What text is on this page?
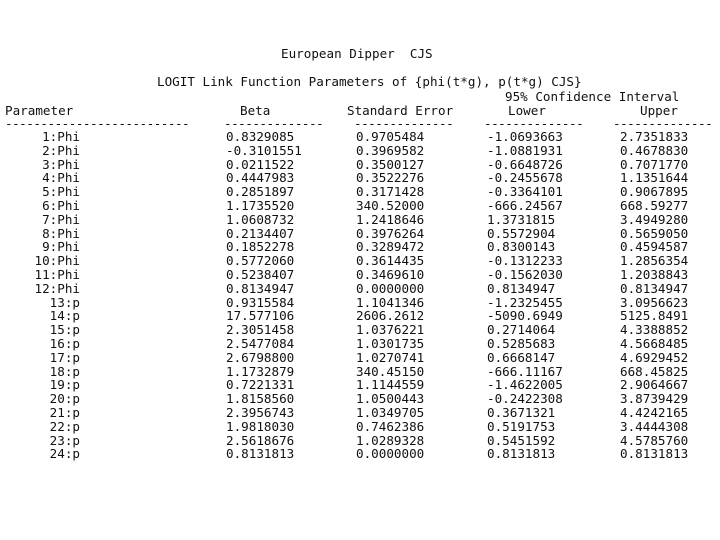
European Dipper  CJS
LOGIT Link Function Parameters of {phi(t*g), p(t*g) CJS}
95% Confidence Interval
Parameter	Beta	Standard Error	Lower	Upper
--------------------------	-------------- -------------- -------------- --------------
1:Phi	0.8329085	0.9705484	-1.0693663	2.7351833
2:Phi	-0.3101551	0.3969582	-1.0881931	0.4678830
3:Phi	0.0211522	0.3500127	-0.6648726	0.7071770
4:Phi	0.4447983	0.3522276	-0.2455678	1.1351644
5:Phi	0.2851897	0.3171428	-0.3364101	0.9067895
6:Phi	1.1735520	340.52000	-666.24567	668.59277
7:Phi	1.0608732	1.2418646	1.3731815	3.4949280
8:Phi	0.2134407	0.3976264	0.5572904	0.5659050
9:Phi	0.1852278	0.3289472	0.8300143	0.4594587
10:Phi	0.5772060	0.3614435	-0.1312233	1.2856354
11:Phi	0.5238407	0.3469610	-0.1562030	1.2038843
12:Phi	0.8134947	0.0000000	0.8134947	0.8134947
13:p	0.9315584	1.1041346	-1.2325455	3.0956623
14:p	17.577106	2606.2612	-5090.6949	5125.8491
15:p	2.3051458	1.0376221	0.2714064	4.3388852
16:p	2.5477084	1.0301735	0.5285683	4.5668485
17:p	2.6798800	1.0270741	0.6668147	4.6929452
18:p	1.1732879	340.45150	-666.11167	668.45825
19:p	0.7221331	1.1144559	-1.4622005	2.9064667
20:p	1.8158560	1.0500443	-0.2422308	3.8739429
21:p	2.3956743	1.0349705	0.3671321	4.4242165
22:p	1.9818030	0.7462386	0.5191753	3.4444308
23:p	2.5618676	1.0289328	0.5451592	4.5785760
24:p	0.8131813	0.0000000	0.8131813	0.8131813
